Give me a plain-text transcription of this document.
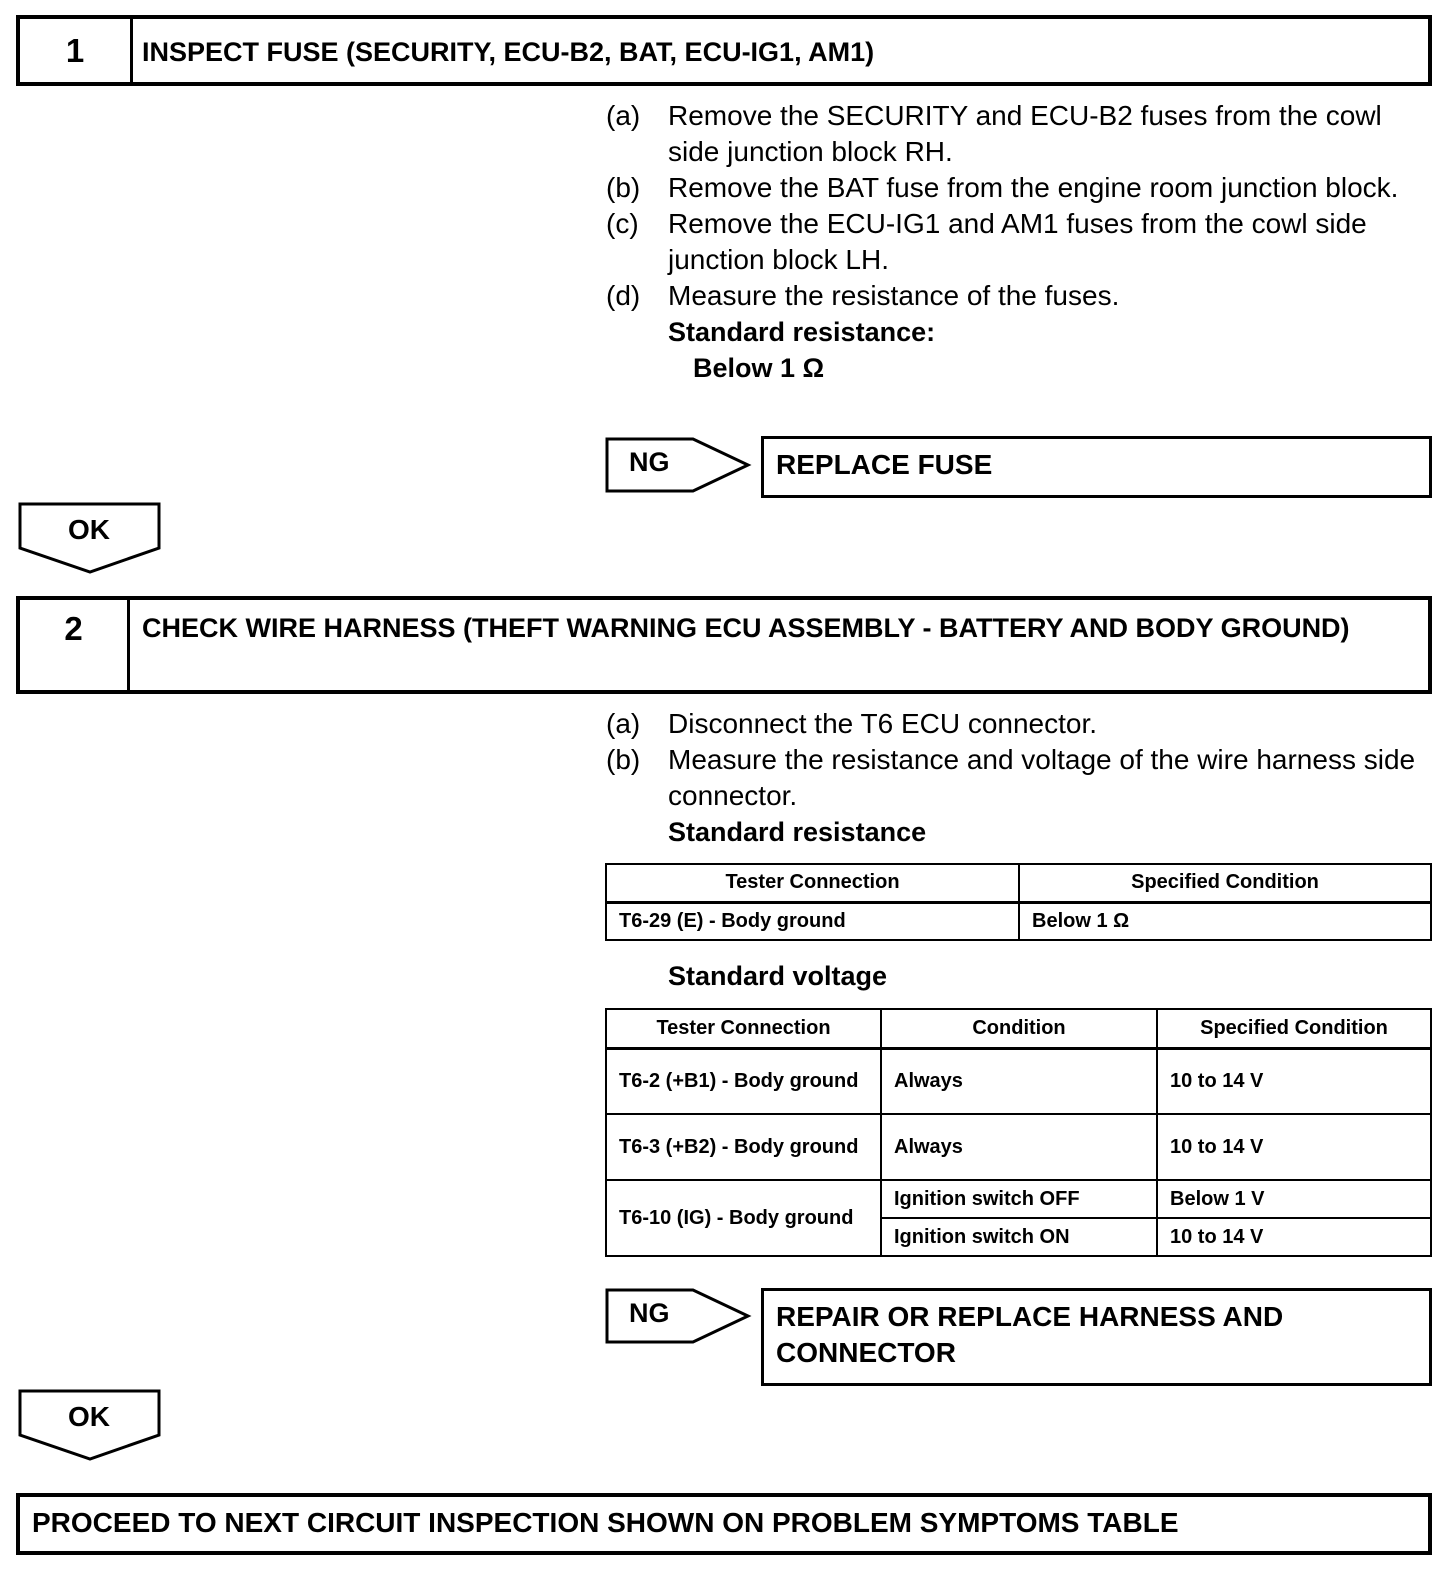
1	INSPECT FUSE (SECURITY, ECU-B2, BAT, ECU-IG1, AM1)
(a) Remove the SECURITY and ECU-B2 fuses from the cowl side junction block RH.
(b) Remove the BAT fuse from the engine room junction block.
(c) Remove the ECU-IG1 and AM1 fuses from the cowl side junction block LH.
(d) Measure the resistance of the fuses.
Standard resistance:
Below 1 Ω
NG	REPLACE FUSE
OK
2	CHECK WIRE HARNESS (THEFT WARNING ECU ASSEMBLY - BATTERY AND BODY GROUND)
(a) Disconnect the T6 ECU connector.
(b) Measure the resistance and voltage of the wire harness side connector.
Standard resistance
Tester Connection	Specified Condition
T6-29 (E) - Body ground	Below 1 Ω
Standard voltage
Tester Connection	Condition	Specified Condition
T6-2 (+B1) - Body ground	Always	10 to 14 V
T6-3 (+B2) - Body ground	Always	10 to 14 V
T6-10 (IG) - Body ground	Ignition switch OFF	Below 1 V
	Ignition switch ON	10 to 14 V
NG	REPAIR OR REPLACE HARNESS AND CONNECTOR
OK
PROCEED TO NEXT CIRCUIT INSPECTION SHOWN ON PROBLEM SYMPTOMS TABLE
